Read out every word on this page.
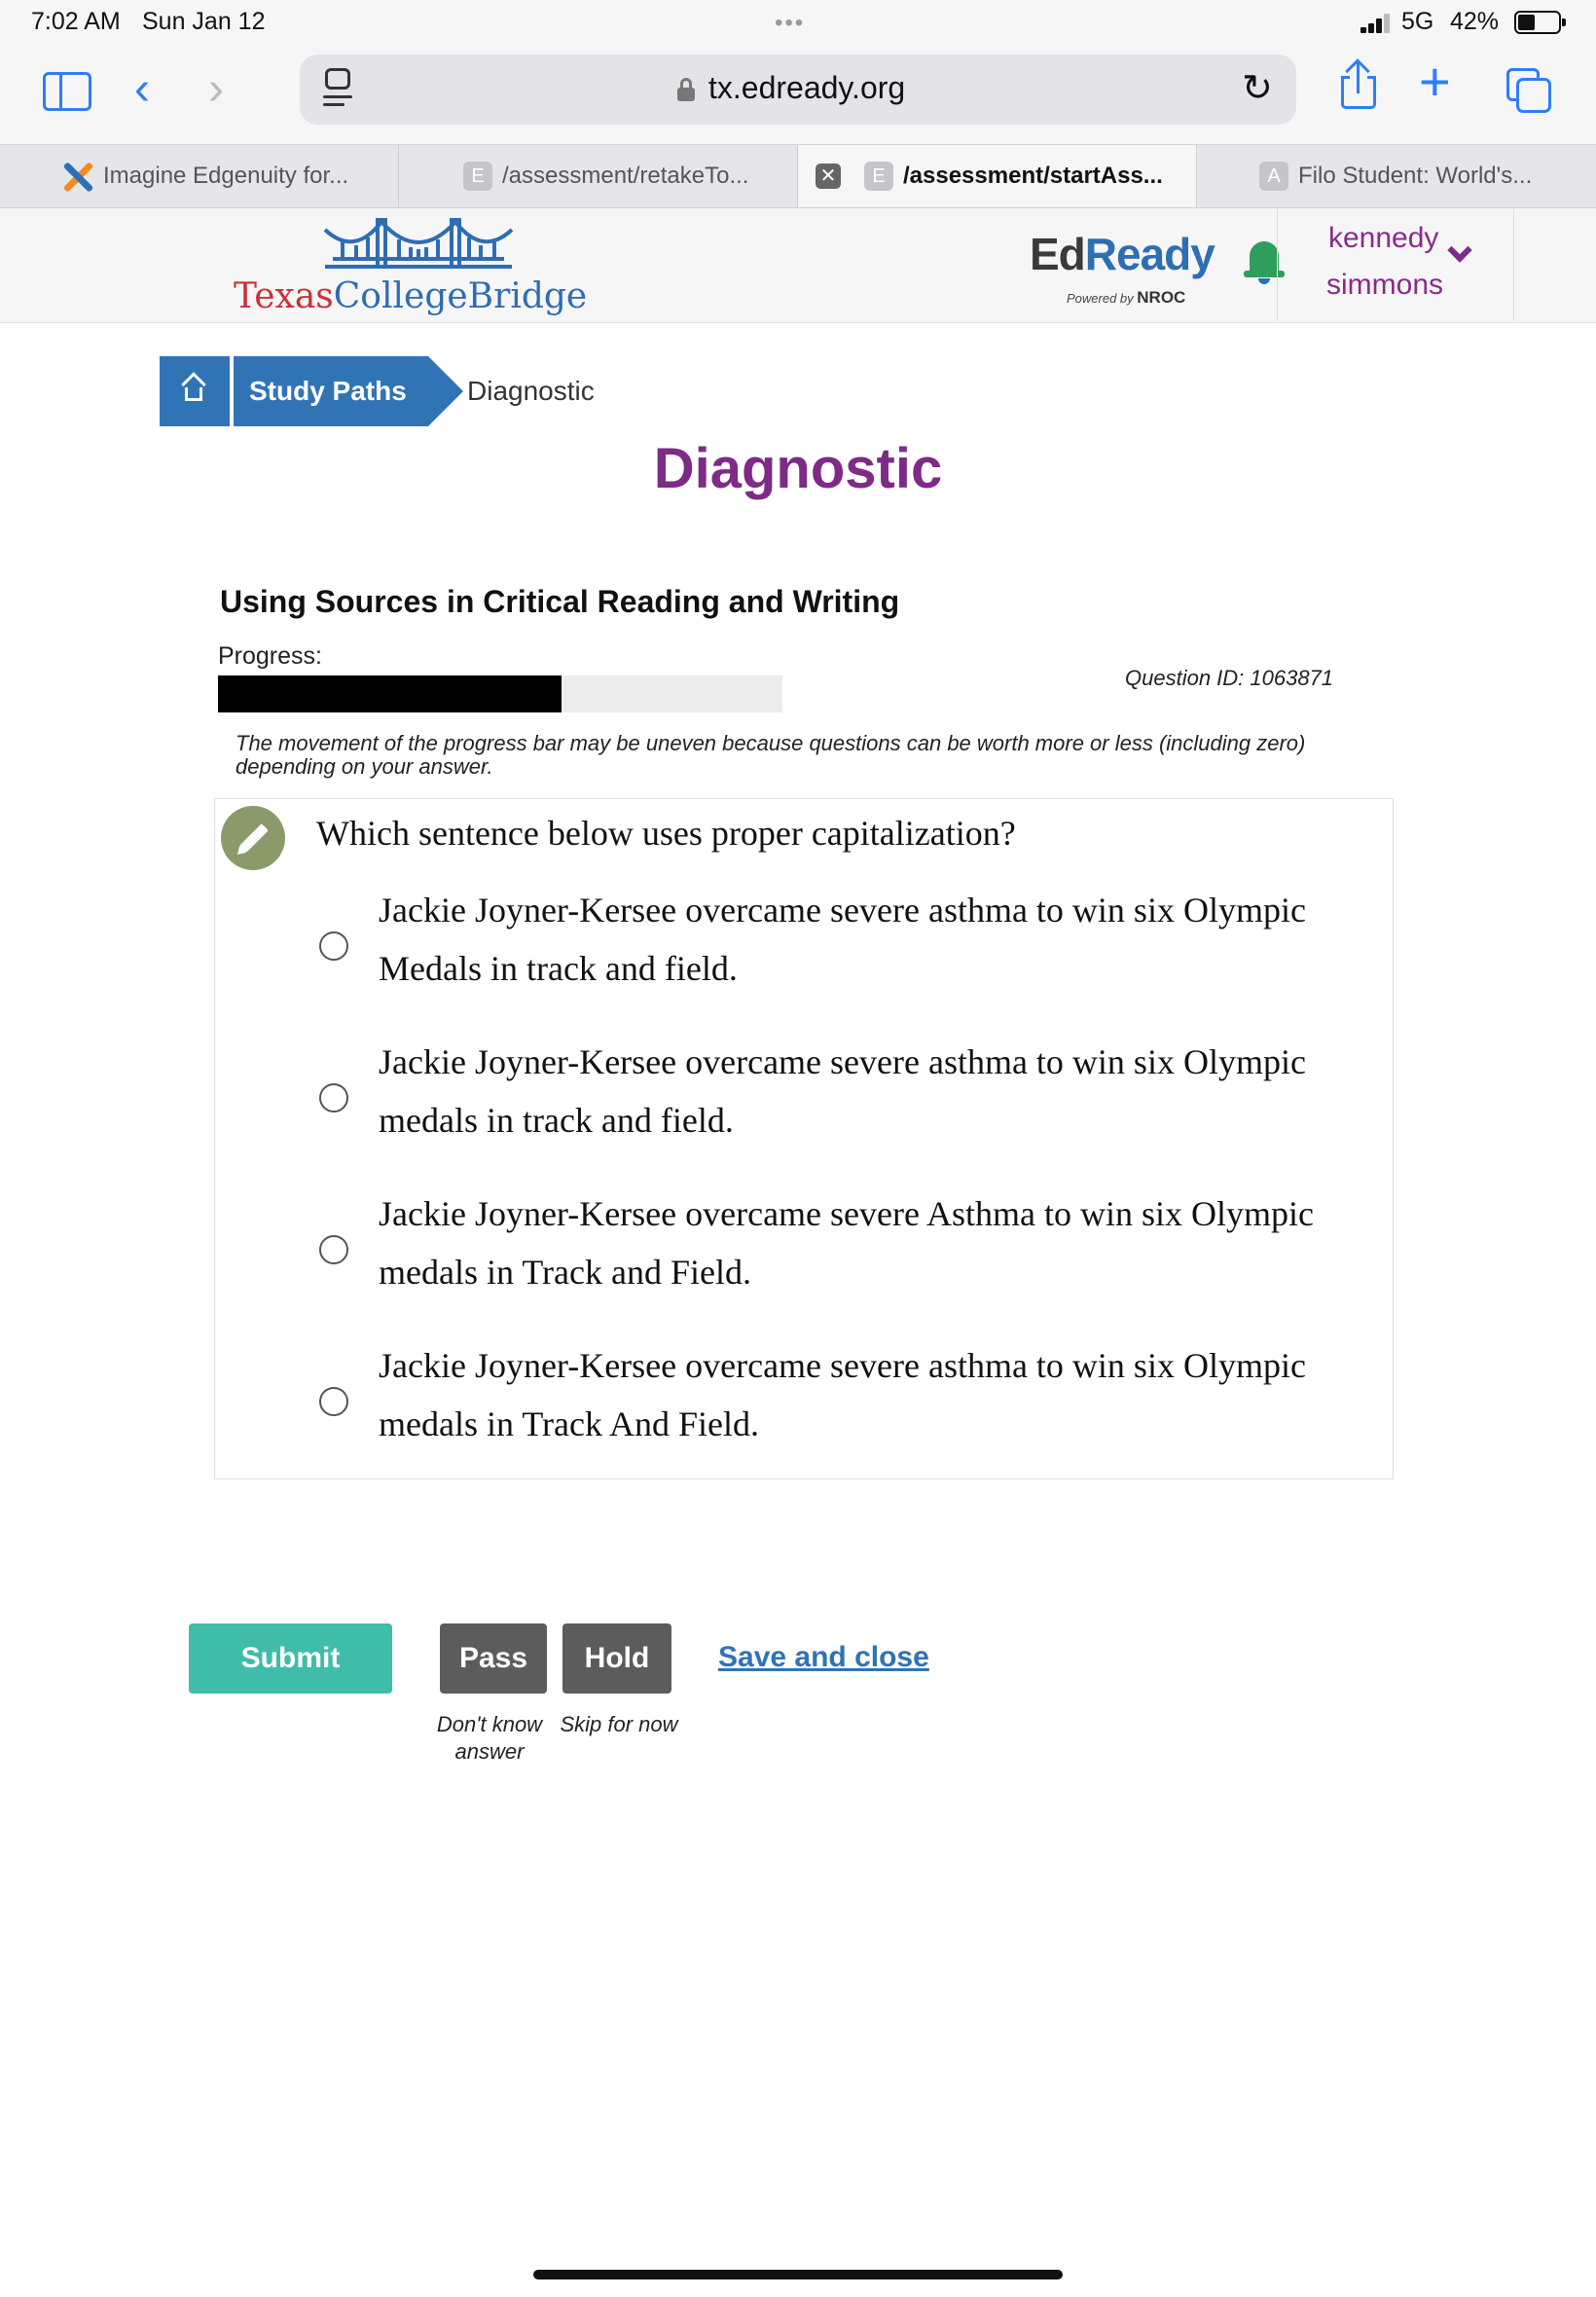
7:02 AM Sun Jan 12	•••	5G 42%
‹ ›	tx.edready.org	↻	+
Imagine Edgenuity for...	E /assessment/retakeTo...	✕	E /assessment/startAss...	A Filo Student: World's...
TexasCollegeBridge
EdReady
Powered by NROC
kennedy
simmons
Study Paths Diagnostic
Diagnostic
Using Sources in Critical Reading and Writing
Progress:
Question ID: 1063871
The movement of the progress bar may be uneven because questions can be worth more or less (including zero) depending on your answer.
Which sentence below uses proper capitalization?
Jackie Joyner-Kersee overcame severe asthma to win six Olympic Medals in track and field.
Jackie Joyner-Kersee overcame severe asthma to win six Olympic medals in track and field.
Jackie Joyner-Kersee overcame severe Asthma to win six Olympic medals in Track and Field.
Jackie Joyner-Kersee overcame severe asthma to win six Olympic medals in Track And Field.
Submit	Pass	Hold	Save and close
Don't know answer
Skip for now
